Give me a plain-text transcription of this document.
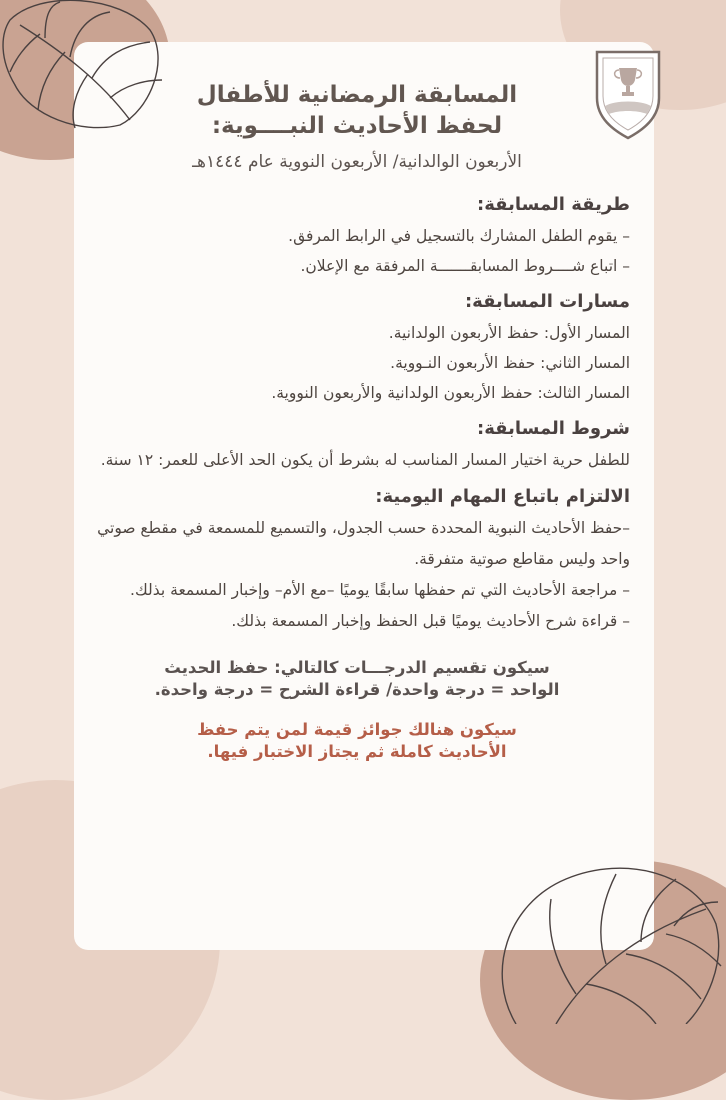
المسابقة الرمضانية للأطفال
لحفظ الأحاديث النبــــوية:
الأربعون الوالدانية/ الأربعون النووية عام ١٤٤٤هـ
طريقة المسابقة:
– يقوم الطفل المشارك بالتسجيل في الرابط المرفق.
– اتباع شــــروط المسابقـــــــة المرفقة مع الإعلان.
مسارات المسابقة:
المسار الأول: حفظ الأربعون الولدانية.
المسار الثاني: حفظ الأربعون النـووية.
المسار الثالث: حفظ الأربعون الولدانية والأربعون النووية.
شروط المسابقة:
للطفل حرية اختيار المسار المناسب له بشرط أن يكون الحد الأعلى للعمر: ١٢ سنة.
الالتزام باتباع المهام اليومية:
–حفظ الأحاديث النبوية المحددة حسب الجدول، والتسميع للمسمعة في مقطع صوتي واحد وليس مقاطع صوتية متفرقة.
– مراجعة الأحاديث التي تم حفظها سابقًا يوميًا –مع الأم– وإخبار المسمعة بذلك.
– قراءة شرح الأحاديث يوميًا قبل الحفظ وإخبار المسمعة بذلك.
سيكون تقسيم الدرجـــات كالتالي: حفظ الحديث
الواحد = درجة واحدة/ قراءة الشرح = درجة واحدة.
سيكون هنالك جوائز قيمة لمن يتم حفظ
الأحاديث كاملة ثم يجتاز الاختبار فيها.
